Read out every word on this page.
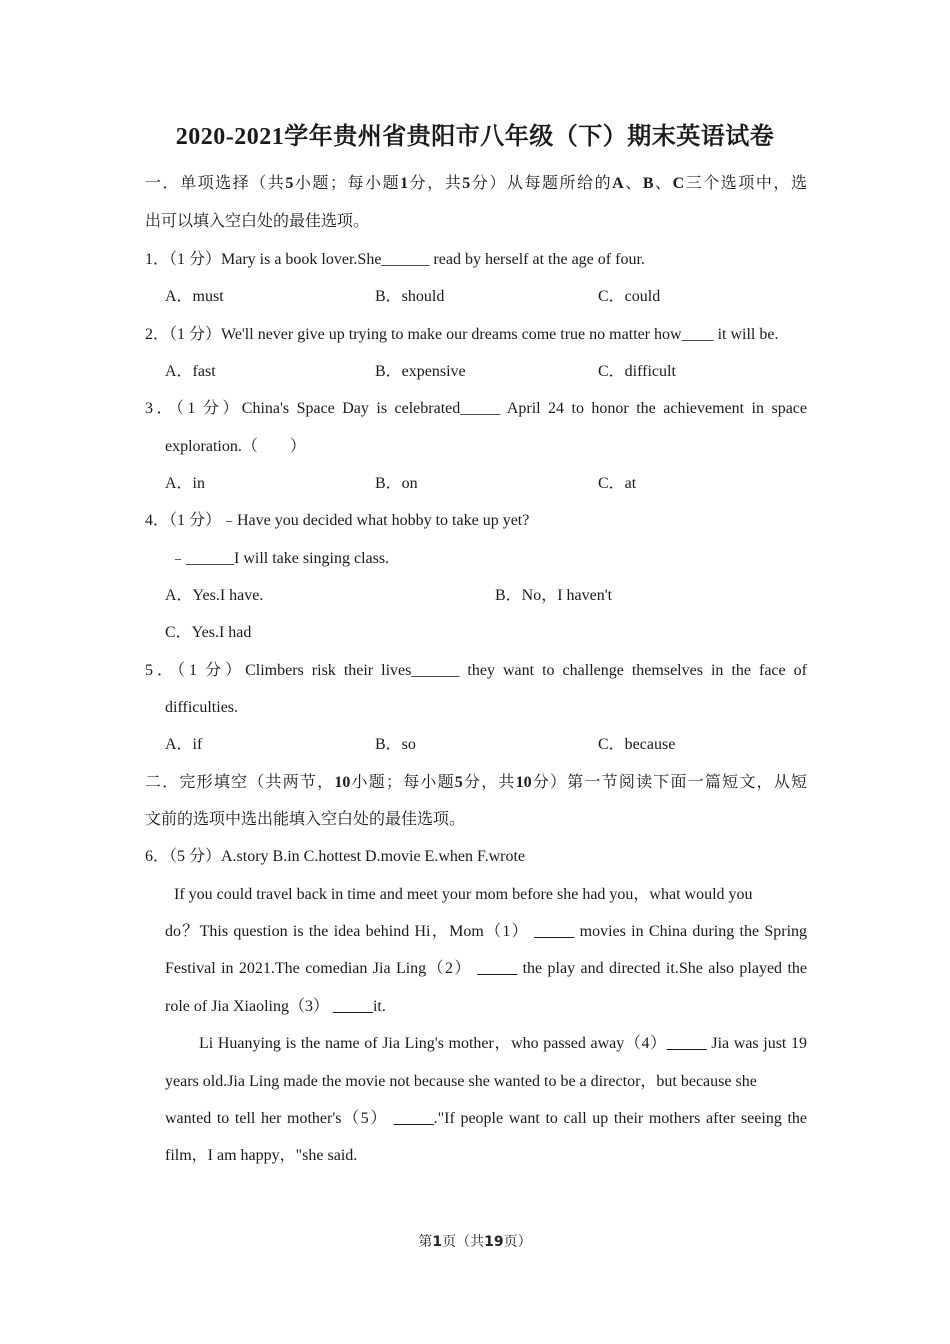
2020-2021学年贵州省贵阳市八年级（下）期末英语试卷
一．单项选择（共5小题；每小题1分，共5分）从每题所给的A、B、C三个选项中，选
出可以填入空白处的最佳选项。
1．（1 分）Mary is a book lover.She______ read by herself at the age of four.
A．must	B．should	C．could
2．（1 分）We'll never give up trying to make our dreams come true no matter how____ it will be.
A．fast	B．expensive	C．difficult
3．（1 分）China's Space Day is celebrated_____ April 24 to honor the achievement in space
exploration.（　　）
A．in	B．on	C．at
4．（1 分）﹣Have you decided what hobby to take up yet?
﹣______I will take singing class.
A．Yes.I have.	B．No，I haven't
C．Yes.I had
5．（1 分）Climbers risk their lives______ they want to challenge themselves in the face of
difficulties.
A．if	B．so	C．because
二．完形填空（共两节，10小题；每小题5分，共10分）第一节阅读下面一篇短文，从短
文前的选项中选出能填入空白处的最佳选项。
6．（5 分）A.story B.in C.hottest D.movie E.when F.wrote
If you could travel back in time and meet your mom before she had you，what would you
do？This question is the idea behind Hi，Mom（1） _____ movies in China during the Spring
Festival in 2021.The comedian Jia Ling（2） _____ the play and directed it.She also played the
role of Jia Xiaoling（3） _____it.
Li Huanying is the name of Jia Ling's mother，who passed away（4）_____ Jia was just 19
years old.Jia Ling made the movie not because she wanted to be a director，but because she
wanted to tell her mother's（5） _____."If people want to call up their mothers after seeing the
film，I am happy，"she said.
第1页（共19页）
